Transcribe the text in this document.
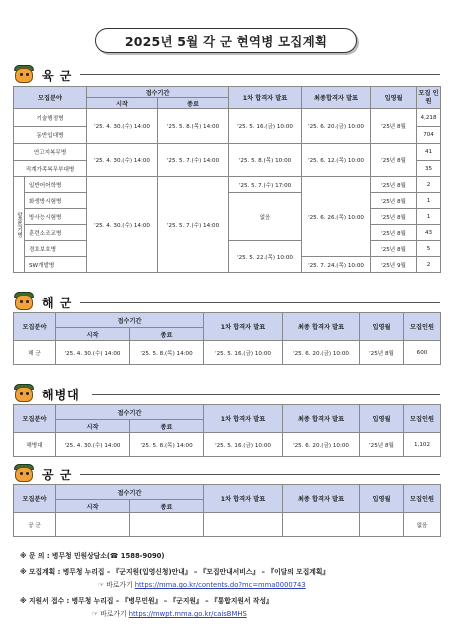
2025년 5월 각 군 현역병 모집계획
육 군
모집분야		접수기간		1차 합격자 발표	최종합격자 발표	입영월	모집 인원
		시작	종료				
기술행정병		'25. 4. 30.(수) 14:00	'25. 5. 8.(목) 14:00	'25. 5. 16.(금) 10:00	'25. 6. 20.(금) 10:00	'25년 8월	4,218
동반입대병							704
연고지복무병		'25. 4. 30.(수) 14:00	'25. 5. 7.(수) 14:00	'25. 5. 8.(목) 10:00	'25. 6. 12.(목) 10:00	'25년 8월	41
직계가족복무부대병							35
맞춤특기병	일반어어학병	'25. 4. 30.(수) 14:00	'25. 5. 7.(수) 14:00	'25. 5. 7.(수) 17:00	'25. 6. 26.(목) 10:00	'25년 8월	2
	화생방시험병			없음		'25년 8월	1
	방사능시험병					'25년 8월	1
	훈련소조교병					'25년 8월	43
	경호보호병			'25. 5. 22.(목) 10:00		'25년 8월	5
	SW개발병				'25. 7. 24.(목) 10:00	'25년 9월	2
해 군
모집분야	접수기간		1차 합격자 발표	최종 합격자 발표	입영월	모집인원
	시작	종료				
해 군	'25. 4. 30.(수) 14:00	'25. 5. 8.(목) 14:00	'25. 5. 16.(금) 10:00	'25. 6. 20.(금) 10:00	'25년 8월	600
해병대
모집분야	접수기간		1차 합격자 발표	최종 합격자 발표	입영월	모집인원
	시작	종료				
해병대	'25. 4. 30.(수) 14:00	'25. 5. 8.(목) 14:00	'25. 5. 16.(금) 10:00	'25. 6. 20.(금) 10:00	'25년 8월	1,102
공 군
모집분야	접수기간		1차 합격자 발표	최종 합격자 발표	입영월	모집인원
	시작	종료				
공 군						없음
※ 문 의 : 병무청 민원상담소(☎ 1588-9090)
※ 모집계획 : 병무청 누리집 – 『군지원(입영신청)안내』 – 『모집안내서비스』 – 『이달의 모집계획』
☞ 바로가기 https://mma.go.kr/contents.do?mc=mma0000743
※ 지원서 접수 : 병무청 누리집 – 『병무민원』 – 『군지원』 – 『통합지원서 작성』
☞ 바로가기 https://mwpt.mma.go.kr/caisBMHS
